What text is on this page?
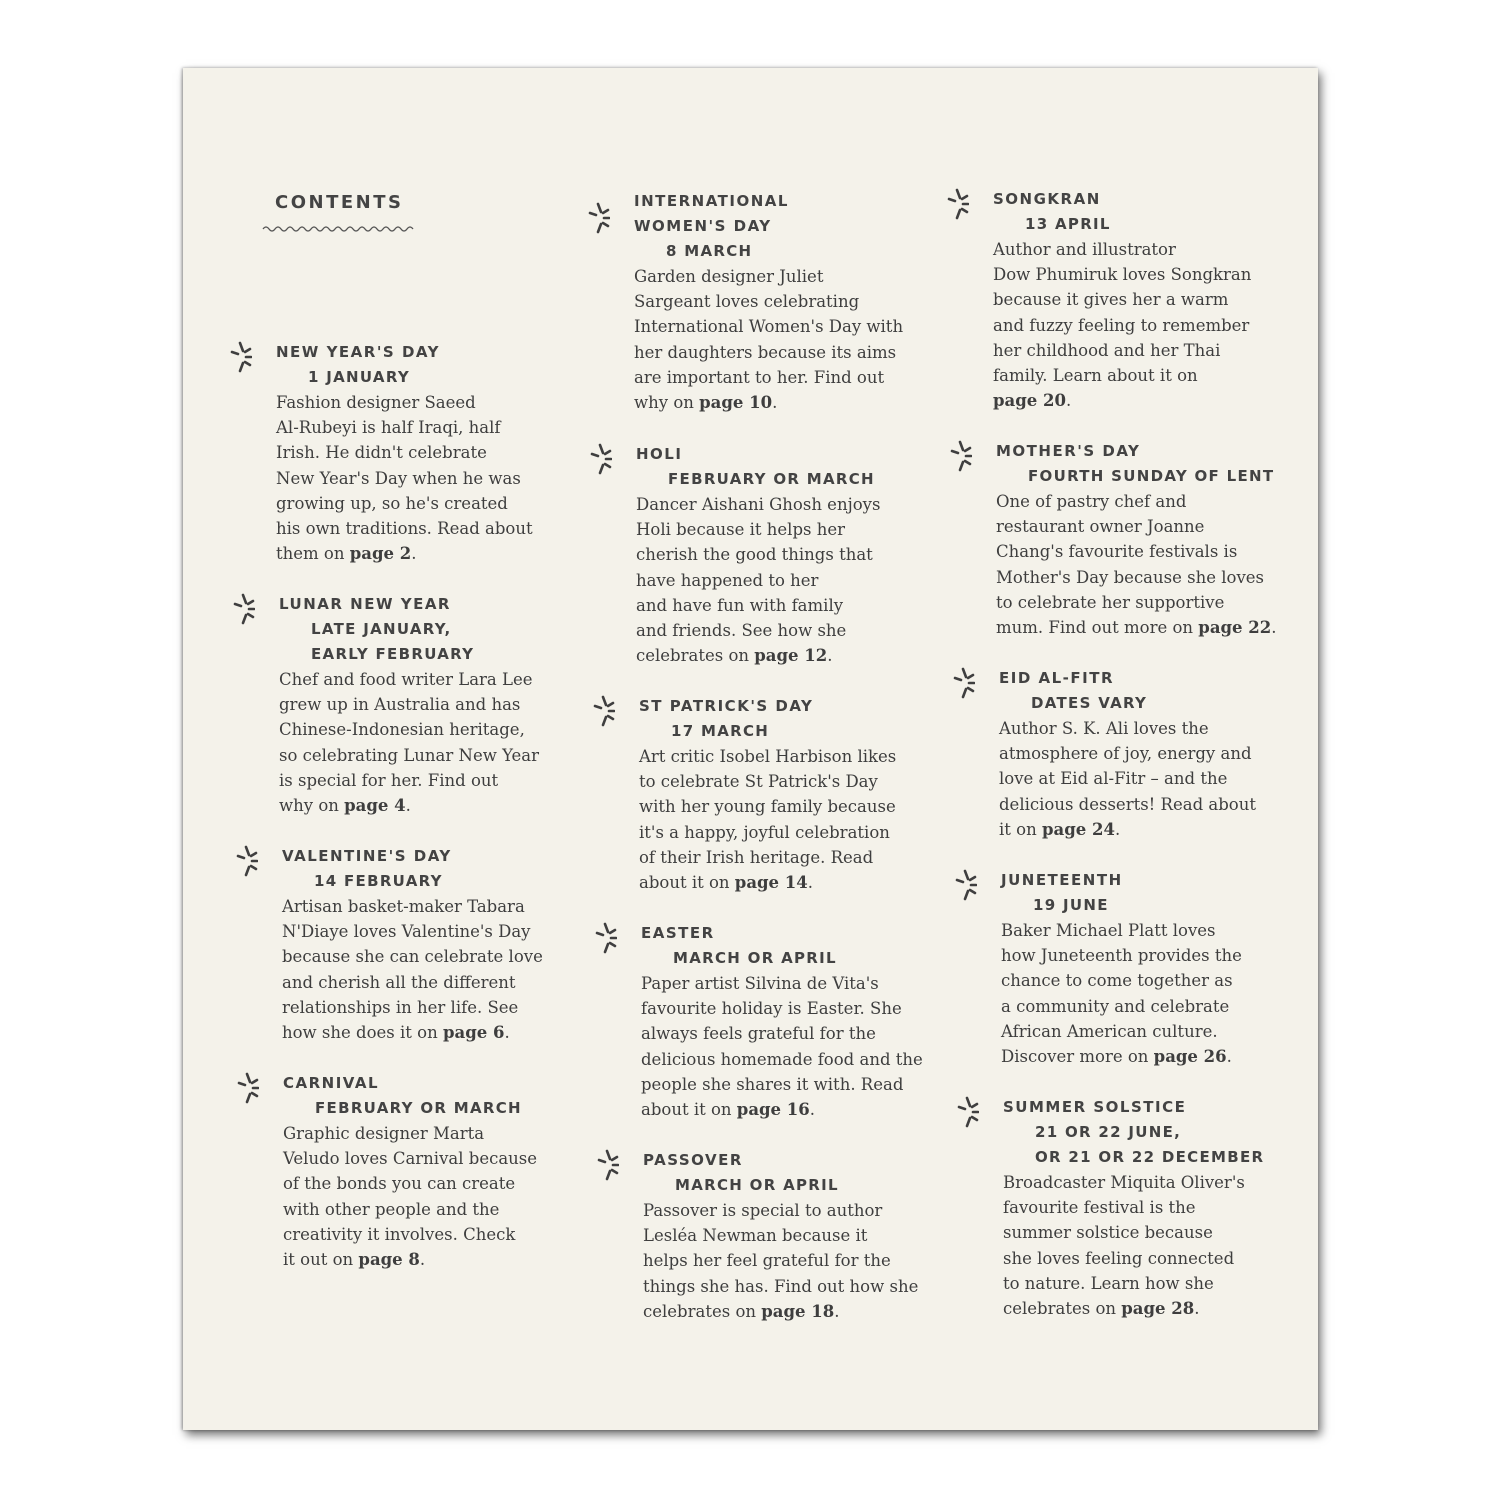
CONTENTS
NEW YEAR'S DAY
1 JANUARY
Fashion designer Saeed
Al-Rubeyi is half Iraqi, half
Irish. He didn't celebrate
New Year's Day when he was
growing up, so he's created
his own traditions. Read about
them on page 2.
LUNAR NEW YEAR
LATE JANUARY,
EARLY FEBRUARY
Chef and food writer Lara Lee
grew up in Australia and has
Chinese-Indonesian heritage,
so celebrating Lunar New Year
is special for her. Find out
why on page 4.
VALENTINE'S DAY
14 FEBRUARY
Artisan basket-maker Tabara
N'Diaye loves Valentine's Day
because she can celebrate love
and cherish all the different
relationships in her life. See
how she does it on page 6.
CARNIVAL
FEBRUARY OR MARCH
Graphic designer Marta
Veludo loves Carnival because
of the bonds you can create
with other people and the
creativity it involves. Check
it out on page 8.
INTERNATIONAL
WOMEN'S DAY
8 MARCH
Garden designer Juliet
Sargeant loves celebrating
International Women's Day with
her daughters because its aims
are important to her. Find out
why on page 10.
HOLI
FEBRUARY OR MARCH
Dancer Aishani Ghosh enjoys
Holi because it helps her
cherish the good things that
have happened to her
and have fun with family
and friends. See how she
celebrates on page 12.
ST PATRICK'S DAY
17 MARCH
Art critic Isobel Harbison likes
to celebrate St Patrick's Day
with her young family because
it's a happy, joyful celebration
of their Irish heritage. Read
about it on page 14.
EASTER
MARCH OR APRIL
Paper artist Silvina de Vita's
favourite holiday is Easter. She
always feels grateful for the
delicious homemade food and the
people she shares it with. Read
about it on page 16.
PASSOVER
MARCH OR APRIL
Passover is special to author
Lesléa Newman because it
helps her feel grateful for the
things she has. Find out how she
celebrates on page 18.
SONGKRAN
13 APRIL
Author and illustrator
Dow Phumiruk loves Songkran
because it gives her a warm
and fuzzy feeling to remember
her childhood and her Thai
family. Learn about it on
page 20.
MOTHER'S DAY
FOURTH SUNDAY OF LENT
One of pastry chef and
restaurant owner Joanne
Chang's favourite festivals is
Mother's Day because she loves
to celebrate her supportive
mum. Find out more on page 22.
EID AL-FITR
DATES VARY
Author S. K. Ali loves the
atmosphere of joy, energy and
love at Eid al-Fitr – and the
delicious desserts! Read about
it on page 24.
JUNETEENTH
19 JUNE
Baker Michael Platt loves
how Juneteenth provides the
chance to come together as
a community and celebrate
African American culture.
Discover more on page 26.
SUMMER SOLSTICE
21 OR 22 JUNE,
OR 21 OR 22 DECEMBER
Broadcaster Miquita Oliver's
favourite festival is the
summer solstice because
she loves feeling connected
to nature. Learn how she
celebrates on page 28.
